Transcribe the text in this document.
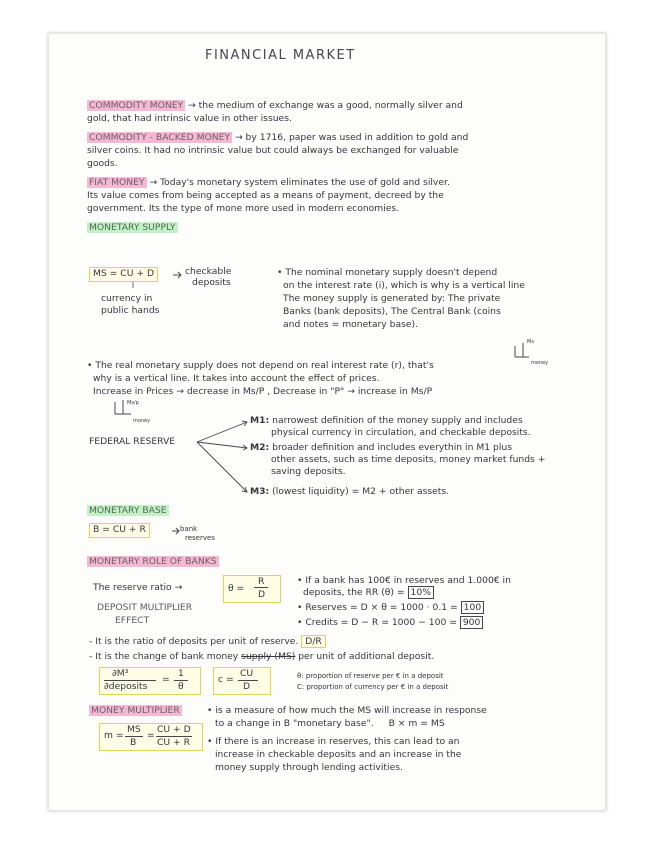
FINANCIAL MARKET
COMMODITY MONEY → the medium of exchange was a good, normally silver and
gold, that had intrinsic value in other issues.
COMMODITY - BACKED MONEY → by 1716, paper was used in addition to gold and
silver coins. It had no intrinsic value but could always be exchanged for valuable
goods.
FIAT MONEY → Today's monetary system eliminates the use of gold and silver.
Its value comes from being accepted as a means of payment, decreed by the
government. Its the type of mone more used in modern economies.
MONETARY SUPPLY
MS = CU + D	checkable
deposits
currency in
public hands
• The nominal monetary supply doesn't depend
on the interest rate (i), which is why is a vertical line
The money supply is generated by: The private
Banks (bank deposits), The Central Bank (coins
and notes = monetary base).
Ms
money
• The real monetary supply does not depend on real interest rate (r), that's
why is a vertical line. It takes into account the effect of prices.
Increase in Prices → decrease in Ms/P , Decrease in "P" → increase in Ms/P
Ms/p
money
FEDERAL RESERVE
M1: narrowest definition of the money supply and includes
physical currency in circulation, and checkable deposits.
M2: broader definition and includes everythin in M1 plus
other assets, such as time deposits, money market funds +
saving deposits.
M3: (lowest liquidity) = M2 + other assets.
MONETARY BASE
B = CU + R	bank
reserves
MONETARY ROLE OF BANKS
The reserve ratio →	θ =
R
D
DEPOSIT MULTIPLIER
EFFECT
• If a bank has 100€ in reserves and 1.000€ in
deposits, the RR (θ) = 10%
• Reserves = D × θ = 1000 · 0.1 = 100
• Credits = D − R = 1000 − 100 = 900
- It is the ratio of deposits per unit of reserve. D/R
- It is the change of bank money supply (MS) per unit of additional deposit.
∂M³
∂deposits
=
1
θ
c =
CU
D
θ: proportion of reserve per € in a deposit
C: proportion of currency per € in a deposit
MONEY MULTIPLIER
m =
MS
B
=
CU + D
CU + R
• is a measure of how much the MS will increase in response
to a change in B "monetary base". B × m = MS
• If there is an increase in reserves, this can lead to an
increase in checkable deposits and an increase in the
money supply through lending activities.
